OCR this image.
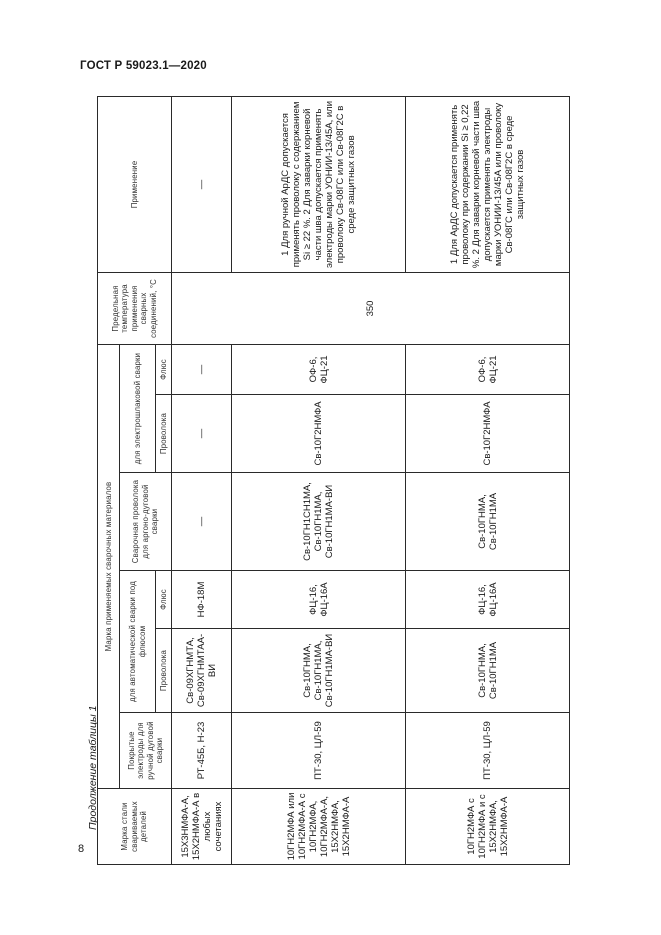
ГОСТ Р 59023.1—2020
Продолжение таблицы 1
8	Марка стали свариваемых деталей	Марка применяемых сварочных материалов						Предельная температура применения сварных соединений, °С	Применение
	Покрытые электроды для ручной дуговой сварки	для автоматической сварки под флюсом		Сварочная проволока для аргоно-дуговой сварки	для электрошлаковой сварки			
		Проволока	Флюс		Проволока	Флюс		
15Х3НМФА-А, 15Х2НМФА-А в любых сочетаниях	РТ-45Б, Н-23	Св-09ХГНМТА, Св-09ХГНМТАА-ВИ	НФ-18М	—	—	—	350	—
10ГН2МФА или 10ГН2МФА-А с 10ГН2МФА, 10ГН2МФА-А, 15Х2НМФА, 15Х2НМФА-А	ПТ-30, ЦЛ-59	Св-10ГНМА, Св-10ГН1МА, Св-10ГН1МА-ВИ	ФЦ-16, ФЦ-16А	Св-10ГН1СН1МА, Св-10ГН1МА, Св-10ГН1МА-ВИ	Св-10Г2НМФА	ОФ-6, ФЦ-21		1 Для ручной АрДС допускается применять проволоку с содержанием Si ≥ 22 %. 2 Для заварки корневой части шва допускается применять электроды марки УОНИИ-13/45А, или проволоку Св-08ГС или Св-08Г2С в среде защитных газов
10ГН2МФА с 10ГН2МФА и с 15Х2НМФА, 15Х2НМФА-А	ПТ-30, ЦЛ-59	Св-10ГНМА, Св-10ГН1МА	ФЦ-16, ФЦ-16А	Св-10ГНМА, Св-10ГН1МА	Св-10Г2НМФА	ОФ-6, ФЦ-21		1 Для АрДС допускается применять проволоку при содержании Si ≥ 0,22 %. 2 Для заварки корневой части шва допускается применять электроды марки УОНИИ-13/45А или проволоку Св-08ГС или Св-08Г2С в среде защитных газов
